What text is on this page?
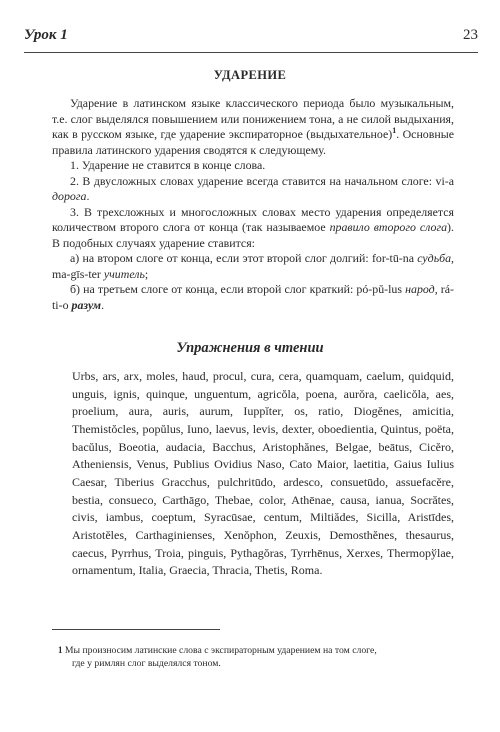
Урок 1	23
УДАРЕНИЕ

Ударение в латинском языке классического периода было музыкальным, т.е. слог выделялся повышением или понижением тона, а не силой выдыхания, как в русском языке, где ударение экспираторное (выдыхательное)$^1$. Основные правила латинского ударения сводятся к следующему.

1. Ударение не ставится в конце слова.

2. В двусложных словах ударение всегда ставится на начальном слоге: vi-a дорога.

3. В трехсложных и многосложных словах место ударения определяется количеством второго слога от конца (так называемое правило второго слога). В подобных случаях ударение ставится:

а) на втором слоге от конца, если этот второй слог долгий: for-tū-na судьба, ma-gīs-ter учитель;

б) на третьем слоге от конца, если второй слог краткий: pó-pŭ-lus народ, rá-ti-o разум.

Упражнения в чтении
Urbs, ars, arx, moles, haud, procul, cura, cera, quamquam, caelum, quidquid, unguis, ignis, quinque, unguentum, agricŏla, poena, aurŏra, caelicŏla, aes, proelium, aura, auris, aurum, Iuppĭter, os, ratio, Diogĕnes, amicitia, Themistŏcles, popŭlus, Iuno, laevus, levis, dexter, oboedientia, Quintus, poëta, bacŭlus, Boeotia, audacia, Bacchus, Aristophănes, Belgae, beātus, Cicĕro, Atheniensis, Venus, Publius Ovidius Naso, Cato Maior, laetitia, Gaius Iulius Caesar, Tiberius Gracchus, pulchritūdo, ardesco, consuetūdo, assuefacĕre, bestia, consueco, Carthāgo, Thebae, color, Athēnae, causa, ianua, Socrătes, civis, iambus, coeptum, Syracūsae, centum, Miltiădes, Sicilla, Aristīdes, Aristotĕles, Carthaginienses, Xenŏphon, Zeuxis, Demosthĕnes, thesaurus, caecus, Pyrrhus, Troia, pinguis, Pythagŏras, Tyrrhēnus, Xerxes, Thermopўlae, ornamentum, Italia, Graecia, Thracia, Thetis, Roma.
1 Мы произносим латинские слова с экспираторным ударением на том слоге,
где у римлян слог выделялся тоном.
